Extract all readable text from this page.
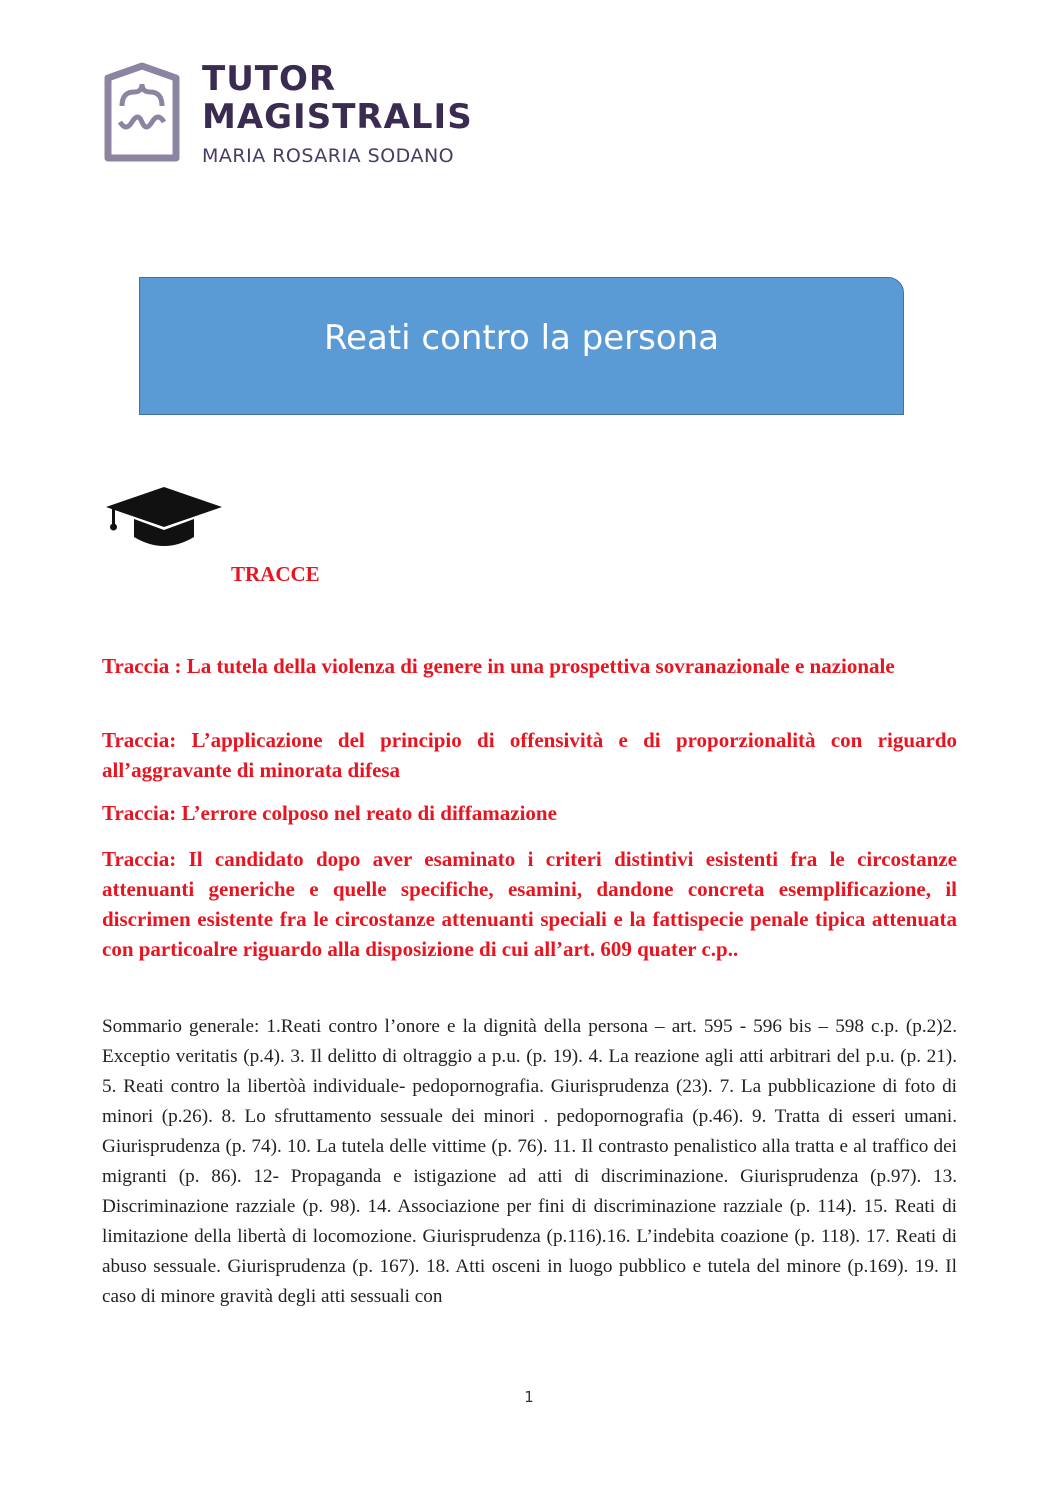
TUTOR
MAGISTRALIS
MARIA ROSARIA SODANO
Reati contro la persona
TRACCE

Traccia : La tutela della violenza di genere in una prospettiva sovranazionale e nazionale

Traccia: L’applicazione del principio di offensività e di proporzionalità con riguardo all’aggravante di minorata difesa

Traccia: L’errore colposo nel reato di diffamazione

Traccia: Il candidato dopo aver esaminato i criteri distintivi esistenti fra le circostanze attenuanti generiche e quelle specifiche, esamini, dandone concreta esemplificazione, il discrimen esistente fra le circostanze attenuanti speciali e la fattispecie penale tipica attenuata con particoalre riguardo alla disposizione di cui all’art. 609 quater c.p..

Sommario generale: 1.Reati contro l’onore e la dignità della persona – art. 595 - 596 bis – 598 c.p. (p.2)2. Exceptio veritatis (p.4). 3. Il delitto di oltraggio a p.u. (p. 19). 4. La reazione agli atti arbitrari del p.u. (p. 21). 5. Reati contro la libertòà individuale- pedopornografia. Giurisprudenza (23). 7. La pubblicazione di foto di minori (p.26). 8. Lo sfruttamento sessuale dei minori . pedopornografia (p.46). 9. Tratta di esseri umani. Giurisprudenza (p. 74). 10. La tutela delle vittime (p. 76). 11. Il contrasto penalistico alla tratta e al traffico dei migranti (p. 86). 12- Propaganda e istigazione ad atti di discriminazione. Giurisprudenza (p.97). 13. Discriminazione razziale (p. 98). 14. Associazione per fini di discriminazione razziale (p. 114). 15. Reati di limitazione della libertà di locomozione. Giurisprudenza (p.116).16. L’indebita coazione (p. 118). 17. Reati di abuso sessuale. Giurisprudenza (p. 167). 18. Atti osceni in luogo pubblico e tutela del minore (p.169). 19. Il caso di minore gravità degli atti sessuali con

1
